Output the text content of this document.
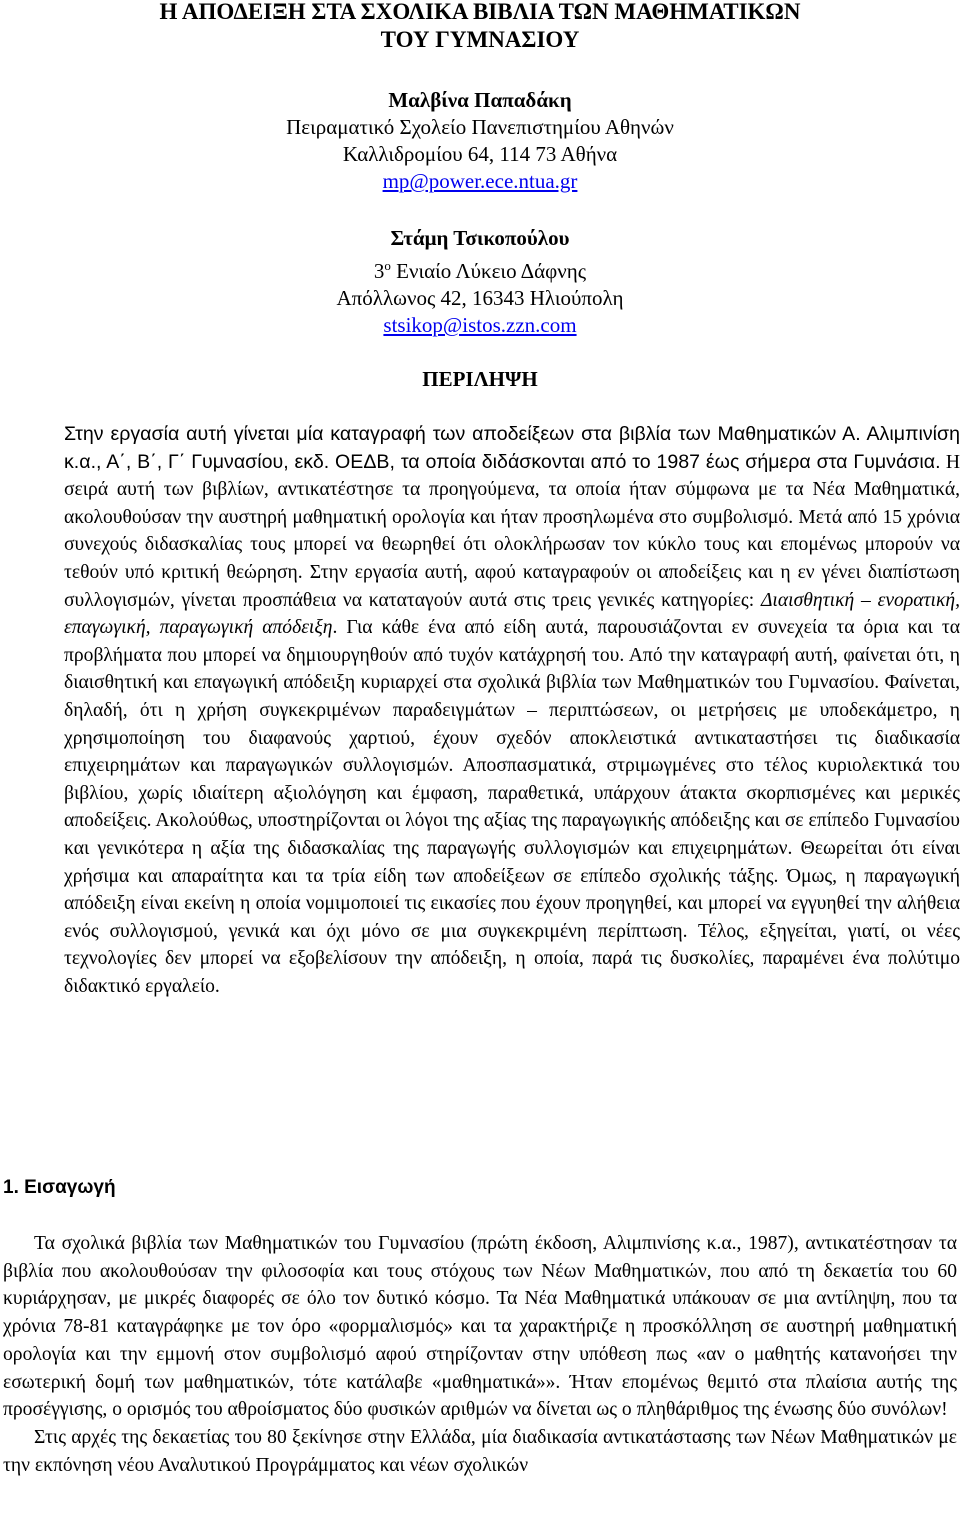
Η ΑΠΟΔΕΙΞΗ ΣΤΑ ΣΧΟΛΙΚΑ ΒΙΒΛΙΑ ΤΩΝ ΜΑΘΗΜΑΤΙΚΩΝ
ΤΟΥ ΓΥΜΝΑΣΙΟΥ
Μαλβίνα Παπαδάκη
Πειραματικό Σχολείο Πανεπιστημίου Αθηνών
Καλλιδρομίου 64, 114 73 Αθήνα
mp@power.ece.ntua.gr
Στάμη Τσικοπούλου
$3^o$ Ενιαίο Λύκειο Δάφνης
Απόλλωνος 42, 16343 Ηλιούπολη
stsikop@istos.zzn.com
ΠΕΡΙΛΗΨΗ

Στην εργασία αυτή γίνεται μία καταγραφή των αποδείξεων στα βιβλία των Μαθηματικών Α. Αλιμπινίση κ.α., Α΄, Β΄, Γ΄ Γυμνασίου, εκδ. ΟΕΔΒ, τα οποία διδάσκονται από το 1987 έως σήμερα στα Γυμνάσια. Η σειρά αυτή των βιβλίων, αντικατέστησε τα προηγούμενα, τα οποία ήταν σύμφωνα με τα Νέα Μαθηματικά, ακολουθούσαν την αυστηρή μαθηματική ορολογία και ήταν προσηλωμένα στο συμβολισμό. Μετά από 15 χρόνια συνεχούς διδασκαλίας τους μπορεί να θεωρηθεί ότι ολοκλήρωσαν τον κύκλο τους και επομένως μπορούν να τεθούν υπό κριτική θεώρηση. Στην εργασία αυτή, αφού καταγραφούν οι αποδείξεις και η εν γένει διαπίστωση συλλογισμών, γίνεται προσπάθεια να καταταγούν αυτά στις τρεις γενικές κατηγορίες: Διαισθητική – ενορατική, επαγωγική, παραγωγική απόδειξη. Για κάθε ένα από είδη αυτά, παρουσιάζονται εν συνεχεία τα όρια και τα προβλήματα που μπορεί να δημιουργηθούν από τυχόν κατάχρησή του. Από την καταγραφή αυτή, φαίνεται ότι, η διαισθητική και επαγωγική απόδειξη κυριαρχεί στα σχολικά βιβλία των Μαθηματικών του Γυμνασίου. Φαίνεται, δηλαδή, ότι η χρήση συγκεκριμένων παραδειγμάτων – περιπτώσεων, οι μετρήσεις με υποδεκάμετρο, η χρησιμοποίηση του διαφανούς χαρτιού, έχουν σχεδόν αποκλειστικά αντικαταστήσει τις διαδικασία επιχειρημάτων και παραγωγικών συλλογισμών. Αποσπασματικά, στριμωγμένες στο τέλος κυριολεκτικά του βιβλίου, χωρίς ιδιαίτερη αξιολόγηση και έμφαση, παραθετικά, υπάρχουν άτακτα σκορπισμένες και μερικές αποδείξεις. Ακολούθως, υποστηρίζονται οι λόγοι της αξίας της παραγωγικής απόδειξης και σε επίπεδο Γυμνασίου και γενικότερα η αξία της διδασκαλίας της παραγωγής συλλογισμών και επιχειρημάτων. Θεωρείται ότι είναι χρήσιμα και απαραίτητα και τα τρία είδη των αποδείξεων σε επίπεδο σχολικής τάξης. Όμως, η παραγωγική απόδειξη είναι εκείνη η οποία νομιμοποιεί τις εικασίες που έχουν προηγηθεί, και μπορεί να εγγυηθεί την αλήθεια ενός συλλογισμού, γενικά και όχι μόνο σε μια συγκεκριμένη περίπτωση. Τέλος, εξηγείται, γιατί, οι νέες τεχνολογίες δεν μπορεί να εξοβελίσουν την απόδειξη, η οποία, παρά τις δυσκολίες, παραμένει ένα πολύτιμο διδακτικό εργαλείο.

1. Εισαγωγή

Τα σχολικά βιβλία των Μαθηματικών του Γυμνασίου (πρώτη έκδοση, Αλιμπινίσης κ.α., 1987), αντικατέστησαν τα βιβλία που ακολουθούσαν την φιλοσοφία και τους στόχους των Νέων Μαθηματικών, που από τη δεκαετία του 60 κυριάρχησαν, με μικρές διαφορές σε όλο τον δυτικό κόσμο. Τα Νέα Μαθηματικά υπάκουαν σε μια αντίληψη, που τα χρόνια 78-81 καταγράφηκε με τον όρο «φορμαλισμός» και τα χαρακτήριζε η προσκόλληση σε αυστηρή μαθηματική ορολογία και την εμμονή στον συμβολισμό αφού στηρίζονταν στην υπόθεση πως «αν ο μαθητής κατανοήσει την εσωτερική δομή των μαθηματικών, τότε κατάλαβε «μαθηματικά»». Ήταν επομένως θεμιτό στα πλαίσια αυτής της προσέγγισης, ο ορισμός του αθροίσματος δύο φυσικών αριθμών να δίνεται ως ο πληθάριθμος της ένωσης δύο συνόλων!

Στις αρχές της δεκαετίας του 80 ξεκίνησε στην Ελλάδα, μία διαδικασία αντικατάστασης των Νέων Μαθηματικών με την εκπόνηση νέου Αναλυτικού Προγράμματος και νέων σχολικών
